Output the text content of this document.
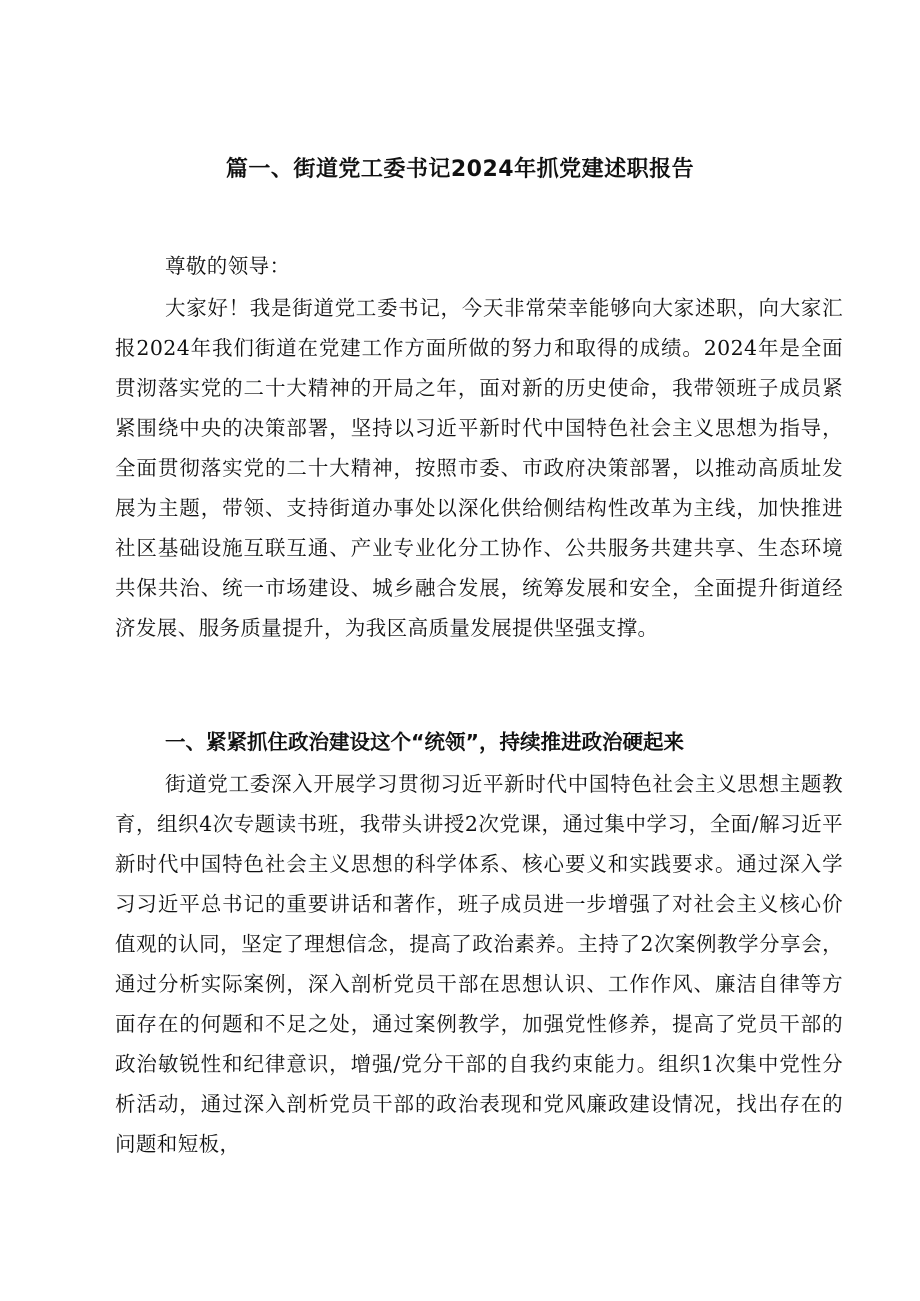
篇一、街道党工委书记2024年抓党建述职报告

尊敬的领导：

大家好！我是街道党工委书记，今天非常荣幸能够向大家述职，向大家汇报2024年我们街道在党建工作方面所做的努力和取得的成绩。2024年是全面贯沏落实党的二十大精神的开局之年，面对新的历史使命，我带领班子成员紧紧围绕中央的决策部署，坚持以习近平新时代中国特色社会主义思想为指导，全面贯彻落实党的二十大精神，按照市委、市政府决策部署，以推动高质址发展为主题，带领、支持街道办事处以深化供给侧结构性改革为主线，加快推进社区基础设施互联互通、产业专业化分工协作、公共服务共建共享、生态环境共保共治、统一市场建设、城乡融合发展，统筹发展和安全，全面提升街道经济发展、服务质量提升，为我区高质量发展提供坚强支撑。

一、紧紧抓住政治建设这个“统领”，持续推进政治硬起来

街道党工委深入开展学习贯彻习近平新时代中国特色社会主义思想主题教育，组织4次专题读书班，我带头讲授2次党课，通过集中学习，全面/解习近平新时代中国特色社会主义思想的科学体系、核心要义和实践要求。通过深入学习习近平总书记的重要讲话和著作，班子成员进一步增强了对社会主义核心价值观的认同，坚定了理想信念，提高了政治素养。主持了2次案例教学分享会，通过分析实际案例，深入剖析党员干部在思想认识、工作作风、廉洁自律等方面存在的何题和不足之处，通过案例教学，加强党性修养，提高了党员干部的政治敏锐性和纪律意识，增强/党分干部的自我约束能力。组织1次集中党性分析活动，通过深入剖析党员干部的政治表现和党风廉政建设情况，找出存在的问题和短板，
